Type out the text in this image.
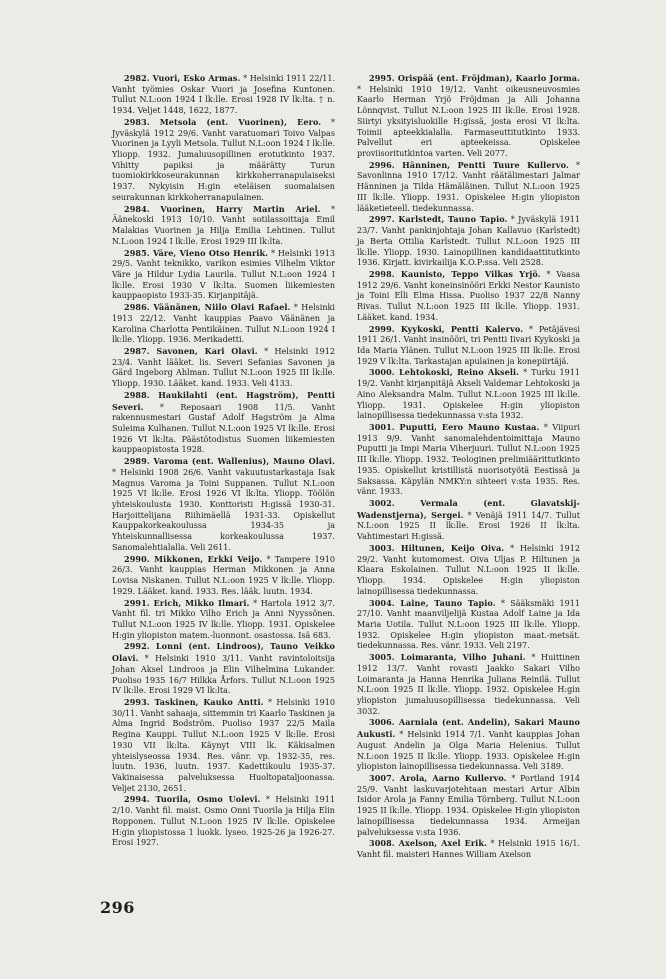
2982. Vuori, Esko Armas. * Helsinki 1911 22/11. Vanht työmies Oskar Vuori ja Josefina Kuntonen. Tullut N.L:oon 1924 I lk:lle. Erosi 1928 IV lk:lta. † n. 1934. Veljet 1448, 1622, 1877.

2983. Metsola (ent. Vuorinen), Eero. * Jyväskylä 1912 29/6. Vanht varatuomari Toivo Valpas Vuorinen ja Lyyli Metsola. Tullut N.L:oon 1924 I lk:lle. Yliopp. 1932. Jumaluusopillinen erotutkinto 1937. Vihitty papiksi ja määrätty Turun tuomiokirkkoseurakunnan kirkkoherranapulaiseksi 1937. Nykyisin H:gin eteläisen suomalaisen seurakunnan kirkkoherranapulainen.

2984. Vuorinen, Harry Martin Ariel. * Äänekoski 1913 10/10. Vanht sotilassoittaja Emil Malakias Vuorinen ja Hilja Emilia Lehtinen. Tullut N.L:oon 1924 I lk:lle. Erosi 1929 III lk:lta.

2985. Väre, Vieno Otso Henrik. * Helsinki 1913 29/5. Vanht teknikko, varikon esimies Vilhelm Viktor Väre ja Hildur Lydia Laurila. Tullut N.L:oon 1924 I lk:lle. Erosi 1930 V lk:lta. Suomen liikemiesten kauppaopisto 1933-35. Kirjanpitäjä.

2986. Väänänen, Niilo Olavi Rafael. * Helsinki 1913 22/12. Vanht kauppias Paavo Väänänen ja Karolina Charlotta Pentikäinen. Tullut N.L:oon 1924 I lk:lle. Yliopp. 1936. Merikadetti.

2987. Savonen, Kari Olavi. * Helsinki 1912 23/4. Vanht lääket. lis. Severi Sefanias Savonen ja Gärd Ingeborg Ahlman. Tullut N.L:oon 1925 III lk:lle. Yliopp. 1930. Lääket. kand. 1933. Veli 4133.

2988. Haukilahti (ent. Hagström), Pentti Severi. * Reposaari 1908 11/5. Vanht rakennusmestari Gustaf Adolf Hagström ja Alma Suleima Kulhanen. Tullut N.L:oon 1925 VI lk:lle. Erosi 1926 VI lk:lta. Päästötodistus Suomen liikemiesten kauppaopistosta 1928.

2989. Varoma (ent. Wallenius), Mauno Olavi. * Helsinki 1908 26/6. Vanht vakuutustarkastaja Isak Magnus Varoma ja Toini Suppanen. Tullut N.L:oon 1925 VI lk:lle. Erosi 1926 VI lk:lta. Yliopp. Töölön yhteiskoulusta 1930. Konttoristi H:gissä 1930-31. Harjoittelijana Riihimäellä 1931-33. Opiskellut Kauppakorkeakoulussa 1934-35 ja Yhteiskunnallisessa korkeakoulussa 1937. Sanomalehtialalla. Veli 2611.

2990. Mikkonen, Erkki Veijo. * Tampere 1910 26/3. Vanht kauppias Herman Mikkonen ja Anna Lovisa Niskanen. Tullut N.L:oon 1925 V lk:lle. Yliopp. 1929. Lääket. kand. 1933. Res. lääk. luutn. 1934.

2991. Erich, Mikko Ilmari. * Hartola 1912 3/7. Vanht fil. tri Mikko Vilho Erich ja Anni Nyyssönen. Tullut N.L:oon 1925 IV lk:lle. Yliopp. 1931. Opiskelee H:gin yliopiston matem.-luonnont. osastossa. Isä 683.

2992. Lonni (ent. Lindroos), Tauno Veikko Olavi. * Helsinki 1910 3/11. Vanht ravintoloitsija Johan Aksel Lindroos ja Elin Vilhelmina Lukander. Puoliso 1935 16/7 Hilkka Årfors. Tullut N.L:oon 1925 IV lk:lle. Erosi 1929 VI lk:lta.

2993. Taskinen, Kauko Antti. * Helsinki 1910 30/11. Vanht sahaaja, sittemmin tri Kaarlo Taskinen ja Alma Ingrid Bodström. Puoliso 1937 22/5 Maila Regina Kauppi. Tullut N.L:oon 1925 V lk:lle. Erosi 1930 VII lk:lta. Käynyt VIII lk. Käkisalmen yhteislyseossa 1934. Res. vänr. vp. 1932-35, res. luutn. 1936, luutn. 1937. Kadettikoulu 1935-37. Vakinaisessa palveluksessa Huoltopataljoonassa. Veljet 2130, 2651.

2994. Tuorila, Osmo Uolevi. * Helsinki 1911 2/10. Vanht fil. maist. Osmo Onni Tuorila ja Hilja Elin Ropponen. Tullut N.L:oon 1925 IV lk:lle. Opiskelee H:gin yliopistossa 1 luokk. lyseo. 1925-26 ja 1926-27. Erosi 1927.

2995. Orispää (ent. Fröjdman), Kaarlo Jorma. * Helsinki 1910 19/12. Vanht oikeusneuvosmies Kaarlo Herman Yrjö Fröjdman ja Aili Johanna Lönnqvist. Tullut N.L:oon 1925 III lk:lle. Erosi 1928. Siirtyi yksityisluokille H:gissä, josta erosi VI lk:lta. Toimii apteekkialalla. Farmaseuttitutkinto 1933. Palvellut eri apteekeissa. Opiskelee proviisoritutkintoa varten. Veli 2077.

2996. Hänninen, Pentti Tuure Kullervo. * Savonlinna 1910 17/12. Vanht räätälimestari Jalmar Hänninen ja Tilda Hämäläinen. Tullut N.L:oon 1925 III lk:lle. Yliopp. 1931. Opiskelee H:gin yliopiston lääketieteell. tiedekunnassa.

2997. Karlstedt, Tauno Tapio. * Jyväskylä 1911 23/7. Vanht pankinjohtaja Johan Kallavuo (Karlstedt) ja Berta Ottilia Karlstedt. Tullut N.L:oon 1925 III lk:lle. Yliopp. 1930. Lainopillinen kandidaattitutkinto 1936. Kirjatt. kivirkailija K.O.P:ssa. Veli 2528.

2998. Kaunisto, Teppo Vilkas Yrjö. * Vaasa 1912 29/6. Vanht koneinsinööri Erkki Nestor Kaunisto ja Toini Elli Elma Hissa. Puoliso 1937 22/8 Nanny Rivas. Tullut N.L:oon 1925 III lk:lle. Yliopp. 1931. Lääket. kand. 1934.

2999. Kyykoski, Pentti Kalervo. * Petäjävesi 1911 26/1. Vanht insinööri, tri Pentti Iivari Kyykoski ja Ida Maria Ylänen. Tullut N.L:oon 1925 III lk:lle. Erosi 1929 V lk:lta. Tarkastajan apulainen ja konepiirtäjä.

3000. Lehtokoski, Reino Akseli. * Turku 1911 19/2. Vanht kirjanpitäjä Akseli Valdemar Lehtokoski ja Aino Aleksandra Malm. Tullut N.L:oon 1925 III lk:lle. Yliopp. 1931. Opiskelee H:gin yliopiston lainopillisessa tiedekunnassa v:sta 1932.

3001. Puputti, Eero Mauno Kustaa. * Viipuri 1913 9/9. Vanht sanomalehdentoimittaja Mauno Puputti ja Impi Maria Viherjuuri. Tullut N.L:oon 1925 III lk:lle. Yliopp. 1932. Teologinen prelimiäärittutkinto 1935. Opiskellut kristillistä nuorisotyötä Eestissä ja Saksassa. Käpylän NMKY:n sihteeri v:sta 1935. Res. vänr. 1933.

3002. Vermala (ent. Glavatskij-Wadenstjerna), Sergei. * Venäjä 1911 14/7. Tullut N.L:oon 1925 II lk:lle. Erosi 1926 II lk:lta. Vahtimestari H:gissä.

3003. Hiltunen, Keijo Oiva. * Helsinki 1912 29/2. Vanht kutomomest. Oiva Uljas P. Hiltunen ja Klaara Eskolainen. Tullut N.L:oon 1925 II lk:lle. Yliopp. 1934. Opiskelee H:gin yliopiston lainopillisessa tiedekunnassa.

3004. Laine, Tauno Tapio. * Sääksmäki 1911 27/10. Vanht maanviljelijä Kustaa Adolf Laine ja Ida Maria Uotila. Tullut N.L:oon 1925 III lk:lle. Yliopp. 1932. Opiskelee H:gin yliopiston maat.-metsät. tiedekunnassa. Res. vänr. 1933. Veli 2197.

3005. Loimaranta, Vilho Juhani. * Huittinen 1912 13/7. Vanht rovasti Jaakko Sakari Vilho Loimaranta ja Hanna Henrika Juliana Reinilä. Tullut N.L:oon 1925 II lk:lle. Yliopp. 1932. Opiskelee H:gin yliopiston jumaluusopillisessa tiedekunnassa. Veli 3032.

3006. Aarniala (ent. Andelin), Sakari Mauno Aukusti. * Helsinki 1914 7/1. Vanht kauppias Johan August Andelin ja Olga Maria Helenius. Tullut N.L:oon 1925 II lk:lle. Yliopp. 1933. Opiskelee H:gin yliopiston lainopillisessa tiedekunnassa. Veli 3189.

3007. Arola, Aarno Kullervo. * Portland 1914 25/9. Vanht laskuvarjotehtaan mestari Artur Albin Isidor Arola ja Fanny Emilia Törnberg. Tullut N.L:oon 1925 II lk:lle. Yliopp. 1934. Opiskelee H:gin yliopiston lainopillisessa tiedekunnassa 1934. Armeijan palveluksessa v:sta 1936.

3008. Axelson, Axel Erik. * Helsinki 1915 16/1. Vanht fil. maisteri Hannes William Axelson

296
